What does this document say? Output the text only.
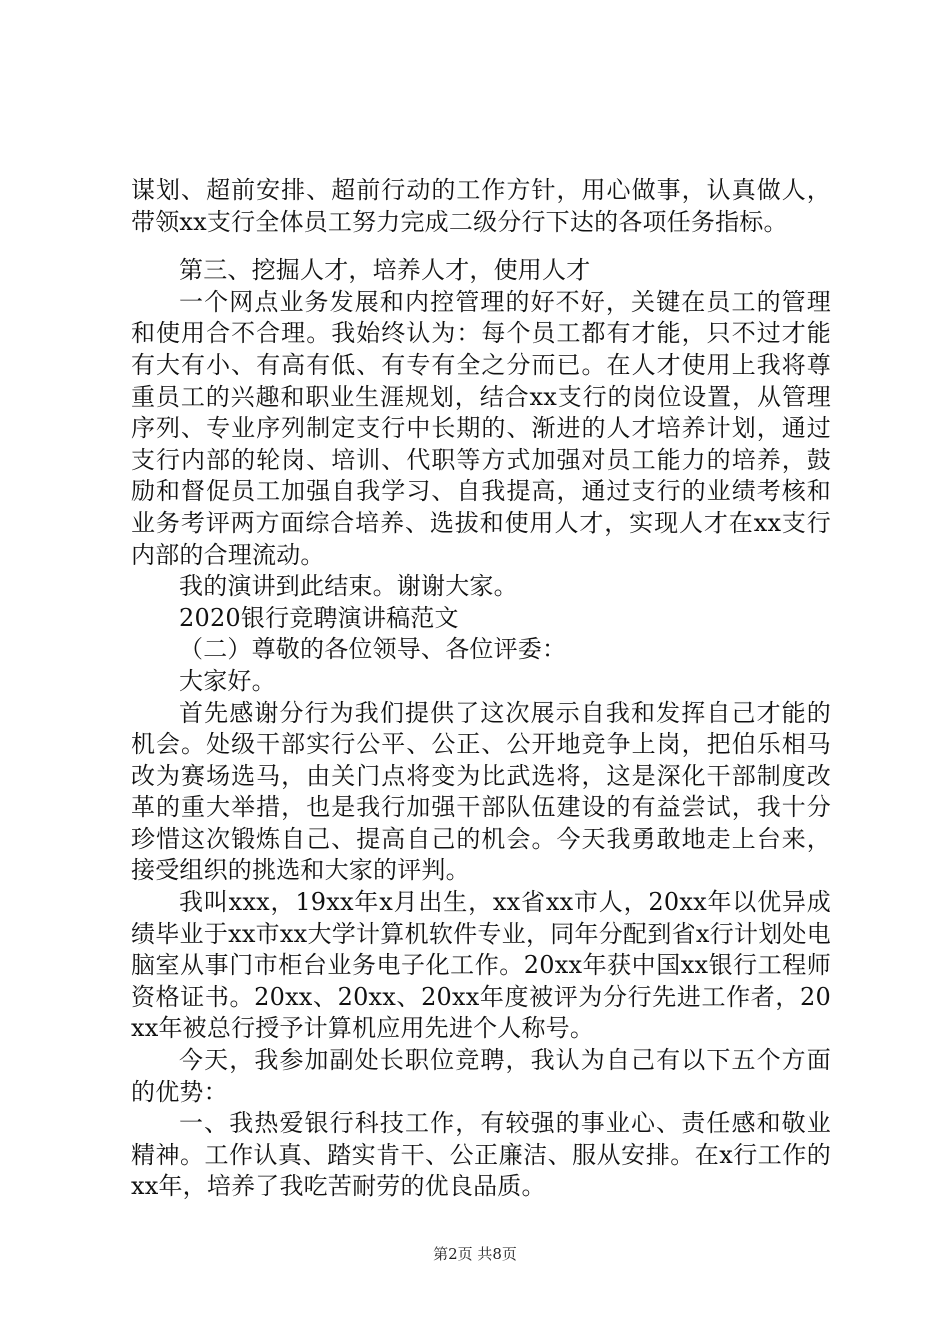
谋划、超前安排、超前行动的工作方针，用心做事，认真做人，带领xx支行全体员工努力完成二级分行下达的各项任务指标。

第三、挖掘人才，培养人才，使用人才

一个网点业务发展和内控管理的好不好，关键在员工的管理和使用合不合理。我始终认为：每个员工都有才能，只不过才能有大有小、有高有低、有专有全之分而已。在人才使用上我将尊重员工的兴趣和职业生涯规划，结合xx支行的岗位设置，从管理序列、专业序列制定支行中长期的、渐进的人才培养计划，通过支行内部的轮岗、培训、代职等方式加强对员工能力的培养，鼓励和督促员工加强自我学习、自我提高，通过支行的业绩考核和业务考评两方面综合培养、选拔和使用人才，实现人才在xx支行内部的合理流动。

我的演讲到此结束。谢谢大家。

2020银行竞聘演讲稿范文

（二）尊敬的各位领导、各位评委：

大家好。

首先感谢分行为我们提供了这次展示自我和发挥自己才能的机会。处级干部实行公平、公正、公开地竞争上岗，把伯乐相马改为赛场选马，由关门点将变为比武选将，这是深化干部制度改革的重大举措，也是我行加强干部队伍建设的有益尝试，我十分珍惜这次锻炼自己、提高自己的机会。今天我勇敢地走上台来，接受组织的挑选和大家的评判。

我叫xxx，19xx年x月出生，xx省xx市人，20xx年以优异成绩毕业于xx市xx大学计算机软件专业，同年分配到省x行计划处电脑室从事门市柜台业务电子化工作。20xx年获中国xx银行工程师资格证书。20xx、20xx、20xx年度被评为分行先进工作者，20xx年被总行授予计算机应用先进个人称号。

今天，我参加副处长职位竞聘，我认为自己有以下五个方面的优势：

一、我热爱银行科技工作，有较强的事业心、责任感和敬业精神。工作认真、踏实肯干、公正廉洁、服从安排。在x行工作的xx年，培养了我吃苦耐劳的优良品质。

第2页 共8页
